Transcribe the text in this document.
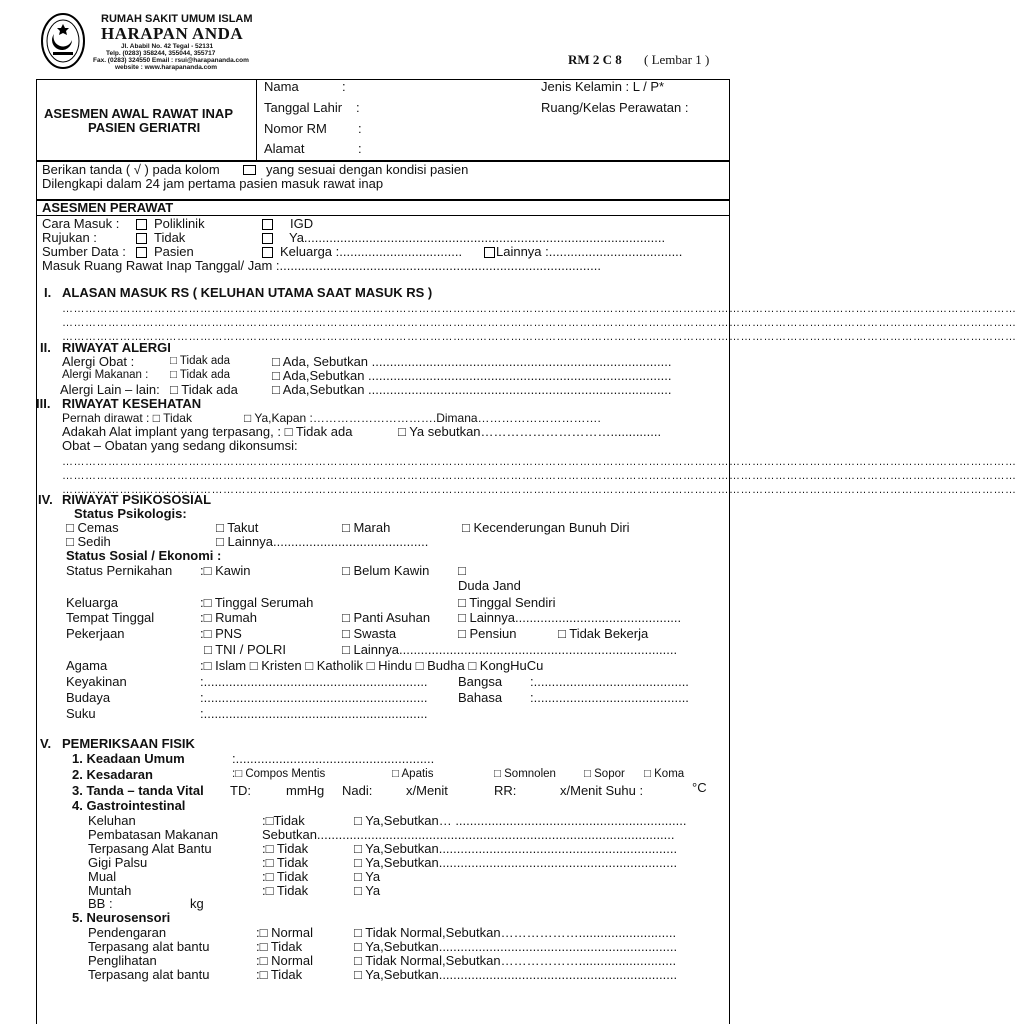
RUMAH SAKIT UMUM ISLAM
HARAPAN ANDA
Jl. Ababil No. 42 Tegal - 52131
Telp. (0283) 358244, 355044, 355717
Fax. (0283) 324550 Email : rsui@harapananda.com
website : www.harapananda.com
RM 2 C 8 ( Lembar 1 )
ASESMEN AWAL RAWAT INAP
PASIEN GERIATRI
Nama	:
Tanggal Lahir :
Nomor RM :
Alamat	:
Jenis Kelamin : L / P*
Ruang/Kelas Perawatan :
Berikan tanda ( √ ) pada kolom	yang sesuai dengan kondisi pasien
Dilengkapi dalam 24 jam pertama pasien masuk rawat inap
ASESMEN PERAWAT
Cara Masuk :	Poliklinik	IGD
Rujukan :	Tidak	Ya....................................................................................................
Sumber Data : Pasien	Keluarga :..................................	Lainnya :.....................................
Masuk Ruang Rawat Inap Tanggal/ Jam :.........................................................................................
I. ALASAN MASUK RS ( KELUHAN UTAMA SAAT MASUK RS )
……………………………………………………………………………………………………………………………………………………………………………………………………………………………
……………………………………………………………………………………………………………………………………………………………………………………………………………………………
……………………………………………………………………………………………………………………………………………………………………………………………………………………………
II. RIWAYAT ALERGI
Alergi Obat :	□ Tidak ada	□ Ada, Sebutkan ...................................................................................
Alergi Makanan : □ Tidak ada	□ Ada,Sebutkan ....................................................................................
Alergi Lain – lain: □ Tidak ada	□ Ada,Sebutkan ....................................................................................
III. RIWAYAT KESEHATAN
Pernah dirawat : □ Tidak	□ Ya,Kapan :………………………….Dimana………………………….
Adakah Alat implant yang terpasang, : □ Tidak ada	□ Ya sebutkan…………………………..............
Obat – Obatan yang sedang dikonsumsi:
……………………………………………………………………………………………………………………………………………………………………………………………………………………………
……………………………………………………………………………………………………………………………………………………………………………………………………………………………
……………………………………………………………………………………………………………………………………………………………………………………………………………………………
IV. RIWAYAT PSIKOSOSIAL
Status Psikologis:
□ Cemas	□ Takut	□ Marah	□ Kecenderungan Bunuh Diri
□ Sedih	□ Lainnya...........................................
Status Sosial / Ekonomi :
Status Pernikahan :□ Kawin	□ Belum Kawin □
Duda Jand
Keluarga	:□ Tinggal Serumah	□ Tinggal Sendiri
Tempat Tinggal	:□ Rumah	□ Panti Asuhan □ Lainnya..............................................
Pekerjaan	:□ PNS	□ Swasta	□ Pensiun	□ Tidak Bekerja
□ TNI / POLRI	□ Lainnya.............................................................................
Agama	:□ Islam □ Kristen □ Katholik □ Hindu □ Budha □ KongHuCu
Keyakinan	:.............................................................. Bangsa :...........................................
Budaya	:.............................................................. Bahasa :...........................................
Suku	:..............................................................
V. PEMERIKSAAN FISIK
1. Keadaan Umum	:.......................................................
2. Kesadaran	:□ Compos Mentis	□ Apatis	□ Somnolen □ Sopor □ Koma
3. Tanda – tanda Vital TD:	mmHg Nadi:	x/Menit	RR:	x/Menit Suhu :	°C
4. Gastrointestinal
Keluhan	:□Tidak	□ Ya,Sebutkan… ................................................................
Pembatasan Makanan	Sebutkan...................................................................................................
Terpasang Alat Bantu	:□ Tidak	□ Ya,Sebutkan..................................................................
Gigi Palsu	:□ Tidak	□ Ya,Sebutkan..................................................................
Mual	:□ Tidak	□ Ya
Muntah	:□ Tidak	□ Ya
BB :	kg
5. Neurosensori
Pendengaran	:□ Normal	□ Tidak Normal,Sebutkan………………...........................
Terpasang alat bantu	:□ Tidak	□ Ya,Sebutkan..................................................................
Penglihatan	:□ Normal	□ Tidak Normal,Sebutkan………………...........................
Terpasang alat bantu	:□ Tidak	□ Ya,Sebutkan..................................................................
